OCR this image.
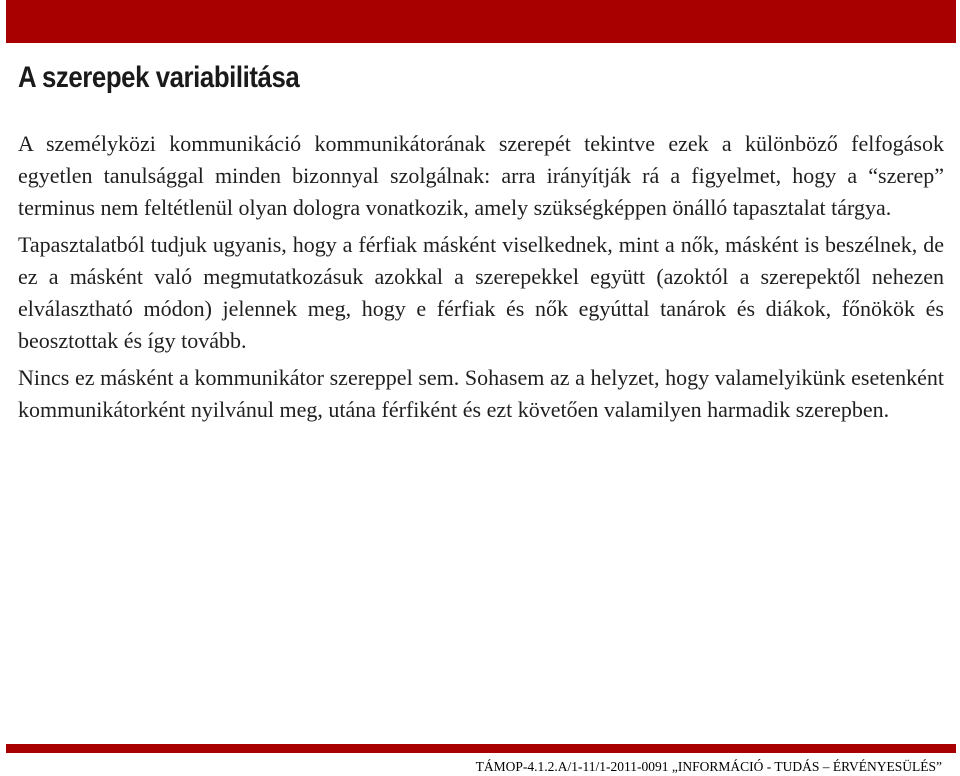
A szerepek variabilitása

A személyközi kommunikáció kommunikátorának szerepét tekintve ezek a különböző felfogások egyetlen tanulsággal minden bizonnyal szolgálnak: arra irányítják rá a figyelmet, hogy a “szerep” terminus nem feltétlenül olyan dologra vonatkozik, amely szükségképpen önálló tapasztalat tárgya.

Tapasztalatból tudjuk ugyanis, hogy a férfiak másként viselkednek, mint a nők, másként is beszélnek, de ez a másként való megmutatkozásuk azokkal a szerepekkel együtt (azoktól a szerepektől nehezen elválasztható módon) jelennek meg, hogy e férfiak és nők egyúttal tanárok és diákok, főnökök és beosztottak és így tovább.

Nincs ez másként a kommunikátor szereppel sem. Sohasem az a helyzet, hogy valamelyikünk esetenként kommunikátorként nyilvánul meg, utána férfiként és ezt követően valamilyen harmadik szerepben.

TÁMOP-4.1.2.A/1-11/1-2011-0091 „INFORMÁCIÓ - TUDÁS – ÉRVÉNYESÜLÉS”
